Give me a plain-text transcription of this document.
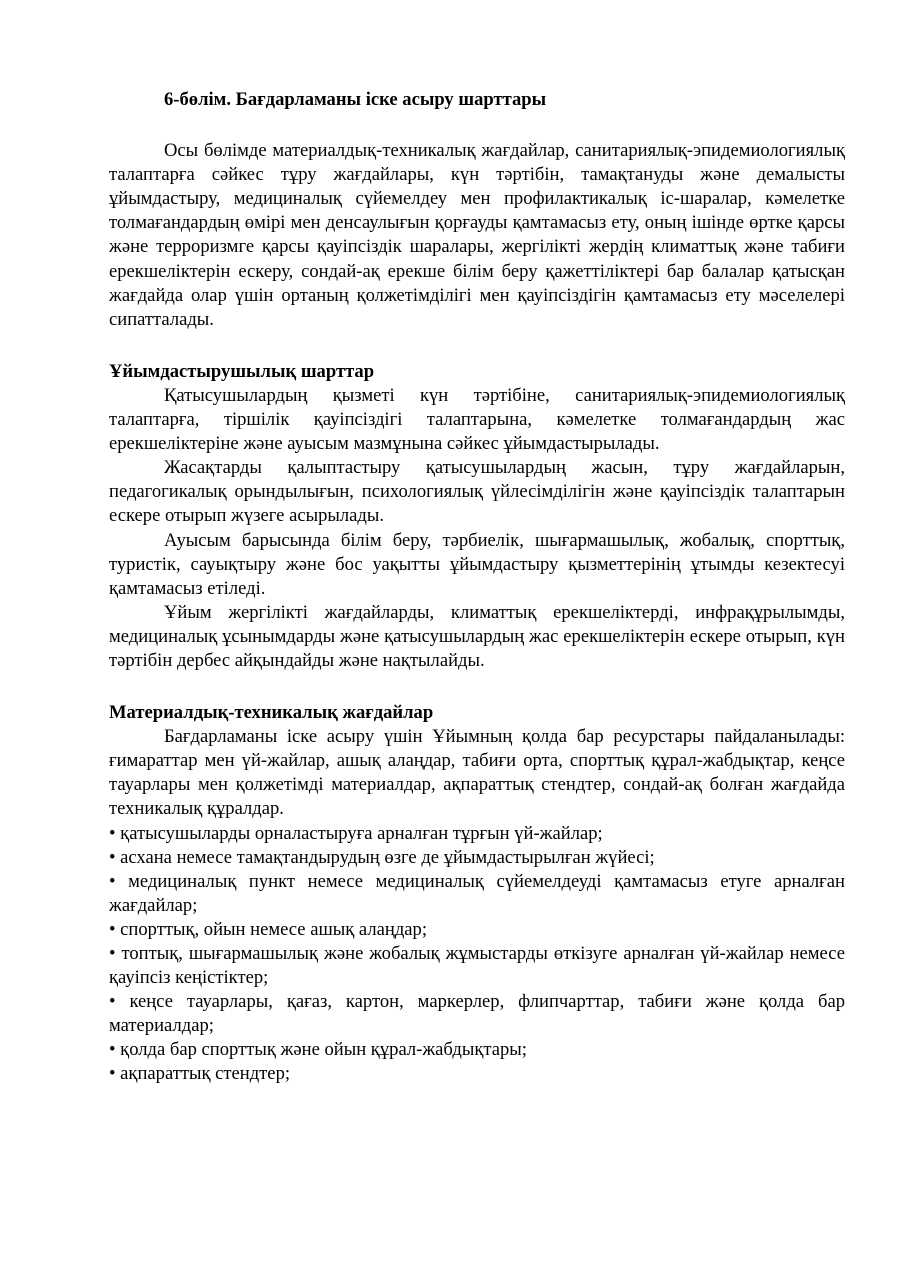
6-бөлім. Бағдарламаны іске асыру шарттары

Осы бөлімде материалдық-техникалық жағдайлар, санитариялық-эпидемиологиялық талаптарға сәйкес тұру жағдайлары, күн тәртібін, тамақтануды және демалысты ұйымдастыру, медициналық сүйемелдеу мен профилактикалық іс-шаралар, кәмелетке толмағандардың өмірі мен денсаулығын қорғауды қамтамасыз ету, оның ішінде өртке қарсы және терроризмге қарсы қауіпсіздік шаралары, жергілікті жердің климаттық және табиғи ерекшеліктерін ескеру, сондай-ақ ерекше білім беру қажеттіліктері бар балалар қатысқан жағдайда олар үшін ортаның қолжетімділігі мен қауіпсіздігін қамтамасыз ету мәселелері сипатталады.

Ұйымдастырушылық шарттар

Қатысушылардың қызметі күн тәртібіне, санитариялық-эпидемиологиялық талаптарға, тіршілік қауіпсіздігі талаптарына, кәмелетке толмағандардың жас ерекшеліктеріне және ауысым мазмұнына сәйкес ұйымдастырылады.

Жасақтарды қалыптастыру қатысушылардың жасын, тұру жағдайларын, педагогикалық орындылығын, психологиялық үйлесімділігін және қауіпсіздік талаптарын ескере отырып жүзеге асырылады.

Ауысым барысында білім беру, тәрбиелік, шығармашылық, жобалық, спорттық, туристік, сауықтыру және бос уақытты ұйымдастыру қызметтерінің ұтымды кезектесуі қамтамасыз етіледі.

Ұйым жергілікті жағдайларды, климаттық ерекшеліктерді, инфрақұрылымды, медициналық ұсынымдарды және қатысушылардың жас ерекшеліктерін ескере отырып, күн тәртібін дербес айқындайды және нақтылайды.

Материалдық-техникалық жағдайлар

Бағдарламаны іске асыру үшін Ұйымның қолда бар ресурстары пайдаланылады: ғимараттар мен үй-жайлар, ашық алаңдар, табиғи орта, спорттық құрал-жабдықтар, кеңсе тауарлары мен қолжетімді материалдар, ақпараттық стендтер, сондай-ақ болған жағдайда техникалық құралдар.

• қатысушыларды орналастыруға арналған тұрғын үй-жайлар;

• асхана немесе тамақтандырудың өзге де ұйымдастырылған жүйесі;

• медициналық пункт немесе медициналық сүйемелдеуді қамтамасыз етуге арналған жағдайлар;

• спорттық, ойын немесе ашық алаңдар;

• топтық, шығармашылық және жобалық жұмыстарды өткізуге арналған үй-жайлар немесе қауіпсіз кеңістіктер;

• кеңсе тауарлары, қағаз, картон, маркерлер, флипчарттар, табиғи және қолда бар материалдар;

• қолда бар спорттық және ойын құрал-жабдықтары;

• ақпараттық стендтер;
